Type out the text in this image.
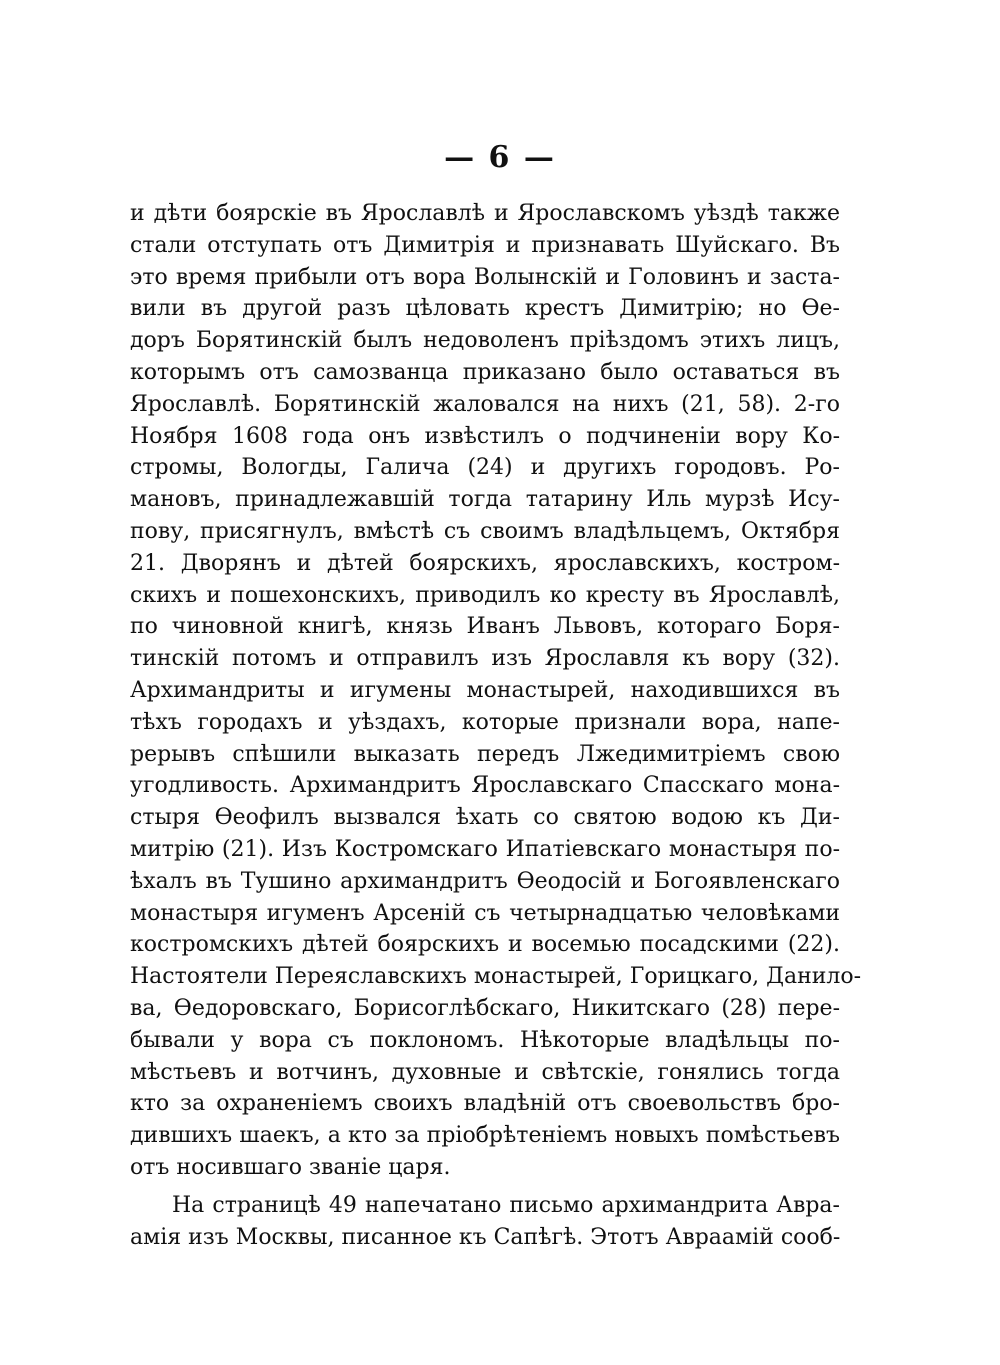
— 6 —
и дѣти боярскіе въ Ярославлѣ и Ярославскомъ уѣздѣ также
стали отступать отъ Димитрія и признавать Шуйскаго. Въ
это время прибыли отъ вора Волынскій и Головинъ и заста-
вили въ другой разъ цѣловать крестъ Димитрію; но Ѳе-
доръ Борятинскій былъ недоволенъ пріѣздомъ этихъ лицъ,
которымъ отъ самозванца приказано было оставаться въ
Ярославлѣ. Борятинскій жаловался на нихъ (21, 58). 2-го
Ноября 1608 года онъ извѣстилъ о подчиненіи вору Ко-
стромы, Вологды, Галича (24) и другихъ городовъ. Ро-
мановъ, принадлежавшій тогда татарину Иль мурзѣ Ису-
пову, присягнулъ, вмѣстѣ съ своимъ владѣльцемъ, Октября
21. Дворянъ и дѣтей боярскихъ, ярославскихъ, костром-
скихъ и пошехонскихъ, приводилъ ко кресту въ Ярославлѣ,
по чиновной книгѣ, князь Иванъ Львовъ, котораго Боря-
тинскій потомъ и отправилъ изъ Ярославля къ вору (32).
Архимандриты и игумены монастырей, находившихся въ
тѣхъ городахъ и уѣздахъ, которые признали вора, напе-
рерывъ спѣшили выказать передъ Лжедимитріемъ свою
угодливость. Архимандритъ Ярославскаго Спасскаго мона-
стыря Ѳеофилъ вызвался ѣхать со святою водою къ Ди-
митрію (21). Изъ Костромскаго Ипатіевскаго монастыря по-
ѣхалъ въ Тушино архимандритъ Ѳеодосій и Богоявленскаго
монастыря игуменъ Арсеній съ четырнадцатью человѣками
костромскихъ дѣтей боярскихъ и восемью посадскими (22).
Настоятели Переяславскихъ монастырей, Горицкаго, Данило-
ва, Ѳедоровскаго, Борисоглѣбскаго, Никитскаго (28) пере-
бывали у вора съ поклономъ. Нѣкоторые владѣльцы по-
мѣстьевъ и вотчинъ, духовные и свѣтскіе, гонялись тогда
кто за охраненіемъ своихъ владѣній отъ своевольствъ бро-
дившихъ шаекъ, а кто за пріобрѣтеніемъ новыхъ помѣстьевъ
отъ носившаго званіе царя.
На страницѣ 49 напечатано письмо архимандрита Авра-
амія изъ Москвы, писанное къ Сапѣгѣ. Этотъ Авраамій сооб-
